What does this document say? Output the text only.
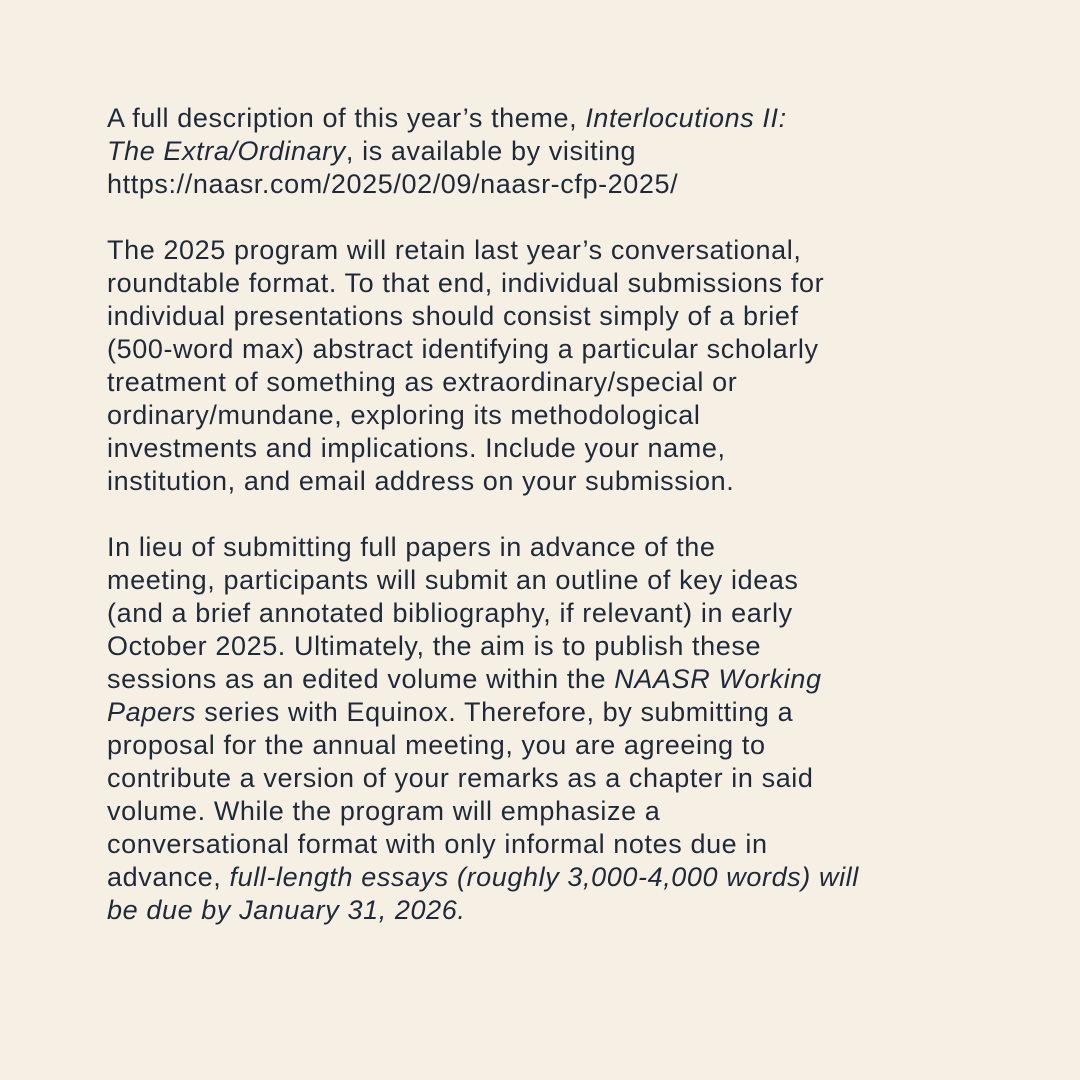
A full description of this year’s theme, Interlocutions II:
The Extra/Ordinary, is available by visiting
https://naasr.com/2025/02/09/naasr-cfp-2025/
The 2025 program will retain last year’s conversational,
roundtable format. To that end, individual submissions for
individual presentations should consist simply of a brief
(500-word max) abstract identifying a particular scholarly
treatment of something as extraordinary/special or
ordinary/mundane, exploring its methodological
investments and implications. Include your name,
institution, and email address on your submission.
In lieu of submitting full papers in advance of the
meeting, participants will submit an outline of key ideas
(and a brief annotated bibliography, if relevant) in early
October 2025. Ultimately, the aim is to publish these
sessions as an edited volume within the NAASR Working
Papers series with Equinox. Therefore, by submitting a
proposal for the annual meeting, you are agreeing to
contribute a version of your remarks as a chapter in said
volume. While the program will emphasize a
conversational format with only informal notes due in
advance, full-length essays (roughly 3,000-4,000 words) will
be due by January 31, 2026.
